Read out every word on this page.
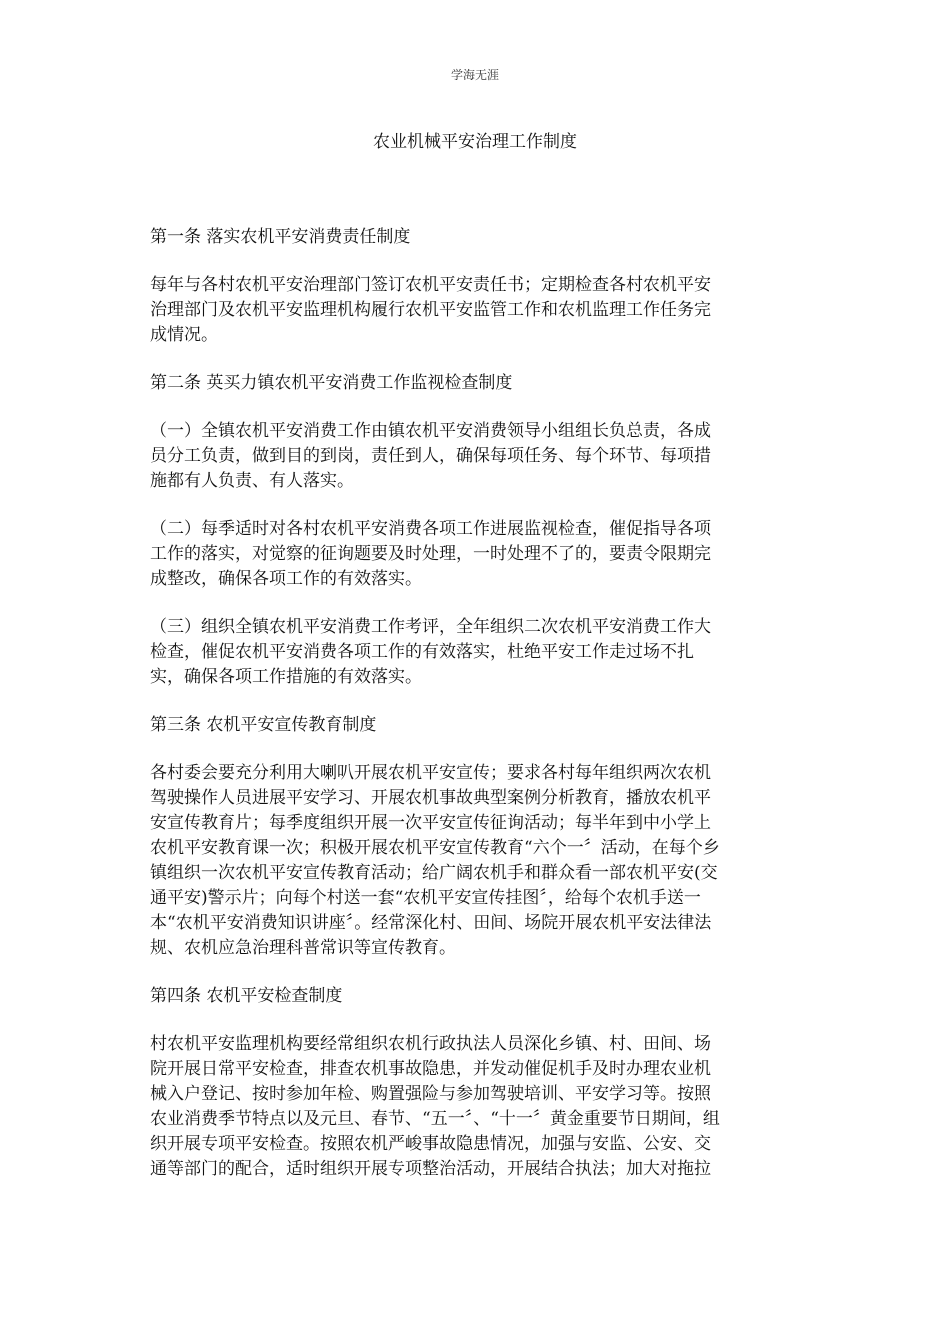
学海无涯
农业机械平安治理工作制度
第一条 落实农机平安消费责任制度
每年与各村农机平安治理部门签订农机平安责任书；定期检查各村农机平安
治理部门及农机平安监理机构履行农机平安监管工作和农机监理工作任务完
成情况。
第二条 英买力镇农机平安消费工作监视检查制度
（一）全镇农机平安消费工作由镇农机平安消费领导小组组长负总责，各成
员分工负责，做到目的到岗，责任到人，确保每项任务、每个环节、每项措
施都有人负责、有人落实。
（二）每季适时对各村农机平安消费各项工作进展监视检查，催促指导各项
工作的落实，对觉察的征询题要及时处理，一时处理不了的，要责令限期完
成整改，确保各项工作的有效落实。
（三）组织全镇农机平安消费工作考评，全年组织二次农机平安消费工作大
检查，催促农机平安消费各项工作的有效落实，杜绝平安工作走过场不扎
实，确保各项工作措施的有效落实。
第三条 农机平安宣传教育制度
各村委会要充分利用大喇叭开展农机平安宣传；要求各村每年组织两次农机
驾驶操作人员进展平安学习、开展农机事故典型案例分析教育，播放农机平
安宣传教育片；每季度组织开展一次平安宣传征询活动；每半年到中小学上
农机平安教育课一次；积极开展农机平安宣传教育“六个一〞活动，在每个乡
镇组织一次农机平安宣传教育活动；给广阔农机手和群众看一部农机平安(交
通平安)警示片；向每个村送一套“农机平安宣传挂图〞，给每个农机手送一
本“农机平安消费知识讲座〞。经常深化村、田间、场院开展农机平安法律法
规、农机应急治理科普常识等宣传教育。
第四条 农机平安检查制度
村农机平安监理机构要经常组织农机行政执法人员深化乡镇、村、田间、场
院开展日常平安检查，排查农机事故隐患，并发动催促机手及时办理农业机
械入户登记、按时参加年检、购置强险与参加驾驶培训、平安学习等。按照
农业消费季节特点以及元旦、春节、“五一〞、“十一〞黄金重要节日期间，组
织开展专项平安检查。按照农机严峻事故隐患情况，加强与安监、公安、交
通等部门的配合，适时组织开展专项整治活动，开展结合执法；加大对拖拉
